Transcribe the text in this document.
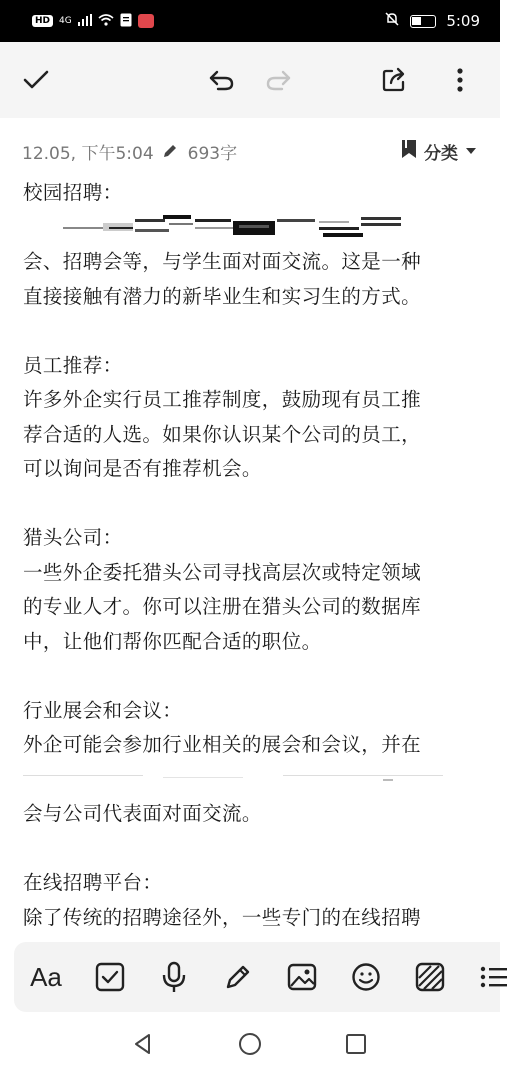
HD	4G	5:09
12.05, 下午5:04 693字	分类

校园招聘：

会、招聘会等，与学生面对面交流。这是一种

直接接触有潜力的新毕业生和实习生的方式。

员工推荐：

许多外企实行员工推荐制度，鼓励现有员工推

荐合适的人选。如果你认识某个公司的员工，

可以询问是否有推荐机会。

猎头公司：

一些外企委托猎头公司寻找高层次或特定领域

的专业人才。你可以注册在猎头公司的数据库

中，让他们帮你匹配合适的职位。

行业展会和会议：

外企可能会参加行业相关的展会和会议，并在

会与公司代表面对面交流。

在线招聘平台：

除了传统的招聘途径外，一些专门的在线招聘

Aa
